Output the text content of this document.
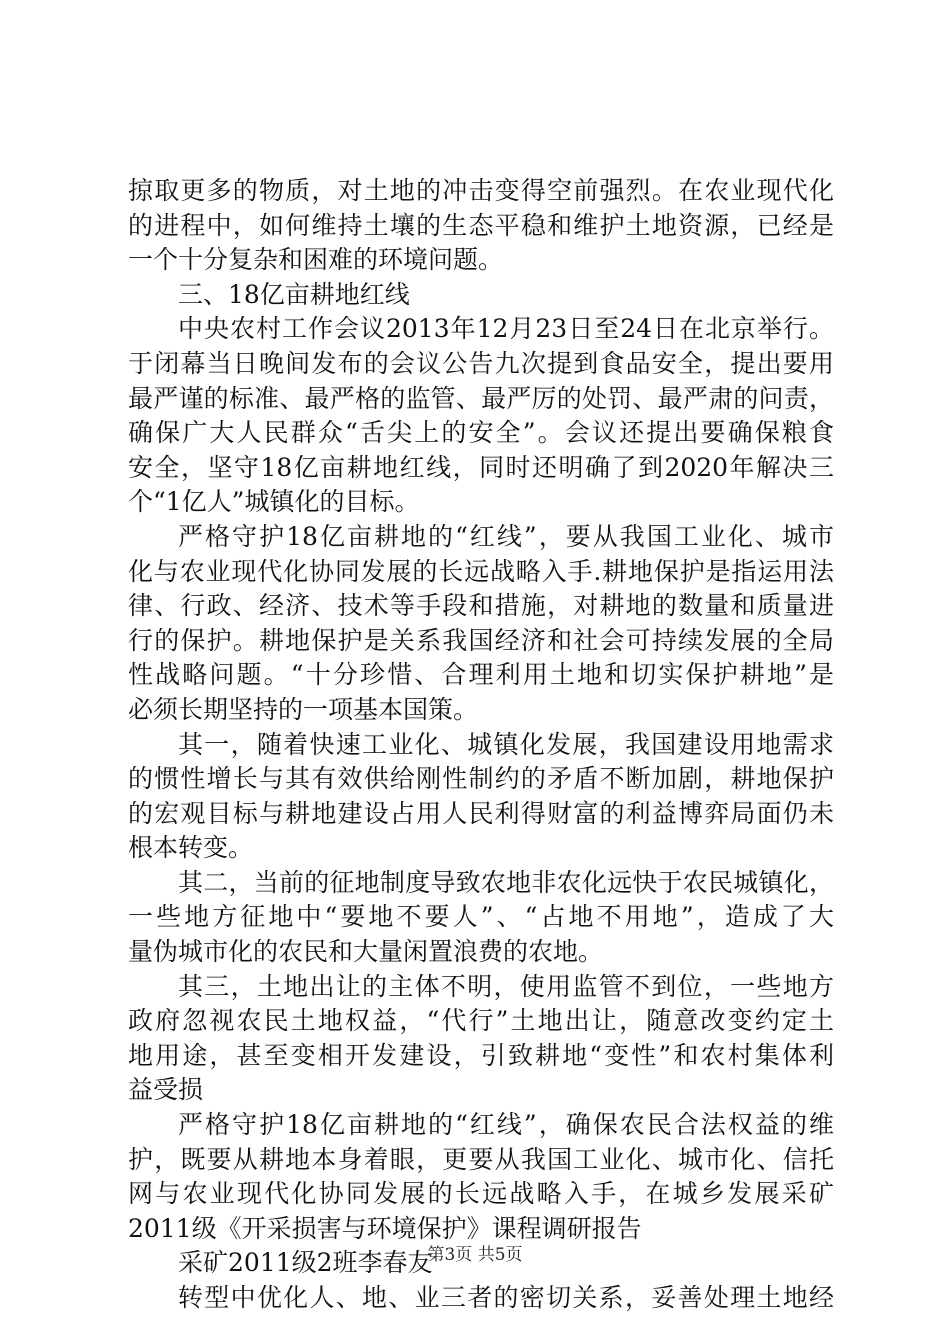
掠取更多的物质，对土地的冲击变得空前强烈。在农业现代化
的进程中，如何维持土壤的生态平稳和维护土地资源，已经是
一个十分复杂和困难的环境问题。
三、18亿亩耕地红线
中央农村工作会议2013年12月23日至24日在北京举行。
于闭幕当日晚间发布的会议公告九次提到食品安全，提出要用
最严谨的标准、最严格的监管、最严厉的处罚、最严肃的问责，
确保广大人民群众“舌尖上的安全”。会议还提出要确保粮食
安全，坚守18亿亩耕地红线，同时还明确了到2020年解决三
个“1亿人”城镇化的目标。
严格守护18亿亩耕地的“红线”，要从我国工业化、城市
化与农业现代化协同发展的长远战略入手.耕地保护是指运用法
律、行政、经济、技术等手段和措施，对耕地的数量和质量进
行的保护。耕地保护是关系我国经济和社会可持续发展的全局
性战略问题。“十分珍惜、合理利用土地和切实保护耕地”是
必须长期坚持的一项基本国策。
其一，随着快速工业化、城镇化发展，我国建设用地需求
的惯性增长与其有效供给刚性制约的矛盾不断加剧，耕地保护
的宏观目标与耕地建设占用人民利得财富的利益博弈局面仍未
根本转变。
其二，当前的征地制度导致农地非农化远快于农民城镇化，
一些地方征地中“要地不要人”、“占地不用地”，造成了大
量伪城市化的农民和大量闲置浪费的农地。
其三，土地出让的主体不明，使用监管不到位，一些地方
政府忽视农民土地权益，“代行”土地出让，随意改变约定土
地用途，甚至变相开发建设，引致耕地“变性”和农村集体利
益受损
严格守护18亿亩耕地的“红线”，确保农民合法权益的维
护，既要从耕地本身着眼，更要从我国工业化、城市化、信托
网与农业现代化协同发展的长远战略入手，在城乡发展采矿
2011级《开采损害与环境保护》课程调研报告
采矿2011级2班李春友
转型中优化人、地、业三者的密切关系，妥善处理土地经
第3页 共5页
